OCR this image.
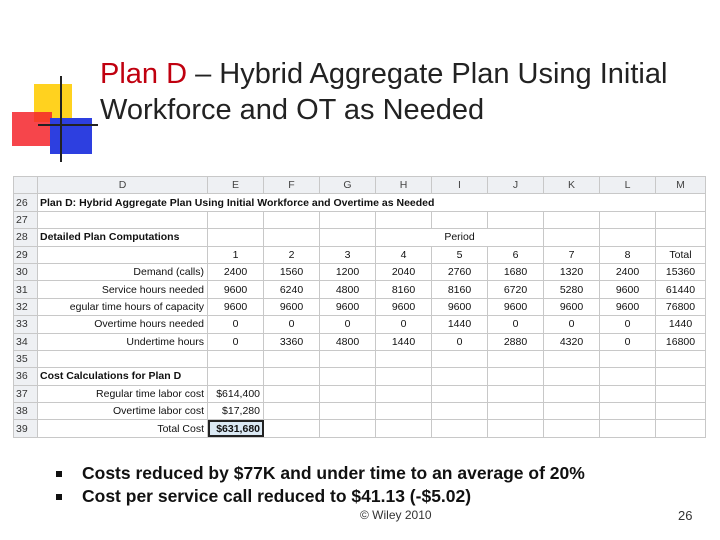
Plan D – Hybrid Aggregate Plan Using Initial Workforce and OT as Needed
	D	E	F	G	H	I	J	K	L	M
26	Plan D: Hybrid Aggregate Plan Using Initial Workforce and Overtime as Needed									
27										
28	Detailed Plan Computations				Period					
29		1	2	3	4	5	6	7	8	Total
30	Demand (calls)	2400	1560	1200	2040	2760	1680	1320	2400	15360
31	Service hours needed	9600	6240	4800	8160	8160	6720	5280	9600	61440
32	egular time hours of capacity	9600	9600	9600	9600	9600	9600	9600	9600	76800
33	Overtime hours needed	0	0	0	0	1440	0	0	0	1440
34	Undertime hours	0	3360	4800	1440	0	2880	4320	0	16800
35										
36	Cost Calculations for Plan D									
37	Regular time labor cost	$614,400								
38	Overtime labor cost	$17,280								
39	Total Cost	$631,680								
Costs reduced by $77K and under time to an average of 20%
Cost per service call reduced to $41.13 (-$5.02)
© Wiley 2010	26
